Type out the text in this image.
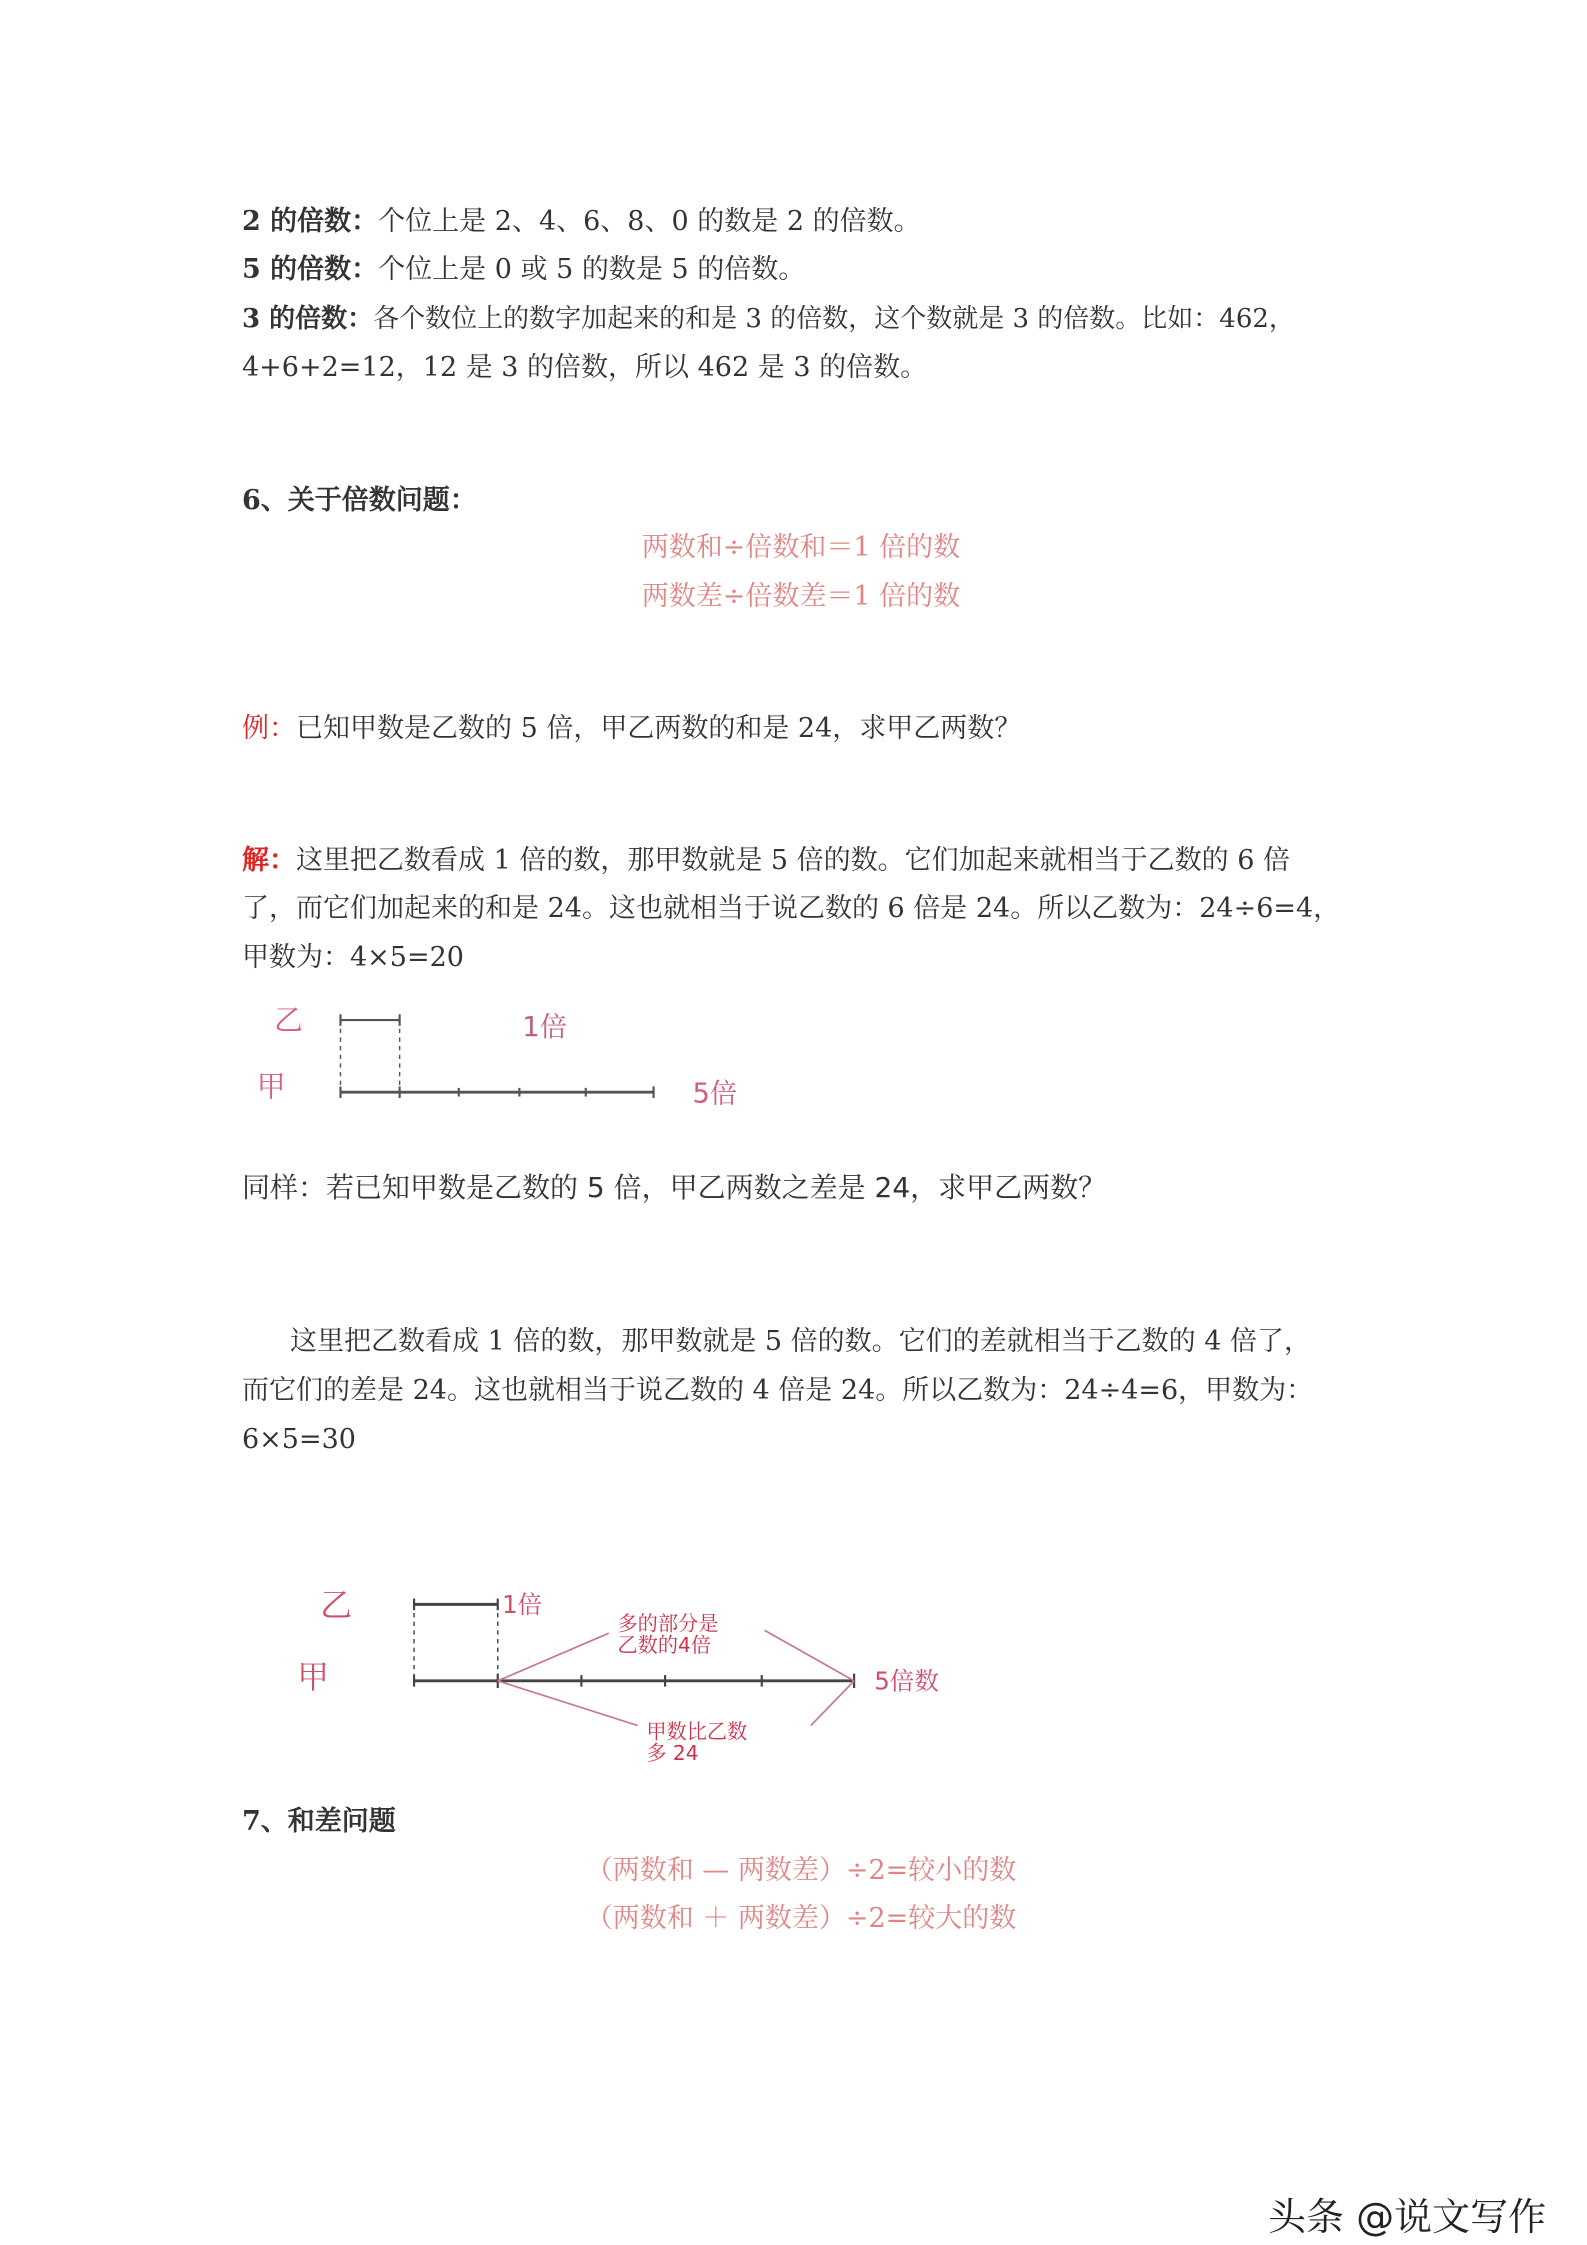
2 的倍数：个位上是 2、4、6、8、0 的数是 2 的倍数。
5 的倍数：个位上是 0 或 5 的数是 5 的倍数。
3 的倍数：各个数位上的数字加起来的和是 3 的倍数，这个数就是 3 的倍数。比如：462，
4+6+2=12，12 是 3 的倍数，所以 462 是 3 的倍数。
6、关于倍数问题：
两数和÷倍数和＝1 倍的数
两数差÷倍数差＝1 倍的数
例：已知甲数是乙数的 5 倍，甲乙两数的和是 24，求甲乙两数？
解：这里把乙数看成 1 倍的数，那甲数就是 5 倍的数。它们加起来就相当于乙数的 6 倍
了，而它们加起来的和是 24。这也就相当于说乙数的 6 倍是 24。所以乙数为：24÷6=4，
甲数为：4×5=20
同样：若已知甲数是乙数的 5 倍，甲乙两数之差是 24，求甲乙两数？
这里把乙数看成 1 倍的数，那甲数就是 5 倍的数。它们的差就相当于乙数的 4 倍了，
而它们的差是 24。这也就相当于说乙数的 4 倍是 24。所以乙数为：24÷4=6，甲数为：
6×5=30
7、和差问题
（两数和 — 两数差）÷2=较小的数
（两数和 ＋ 两数差）÷2=较大的数
乙
甲
1倍
5倍
乙
甲
1倍
多的部分是
乙数的4倍
5倍数
甲数比乙数
多 24
头条 @说文写作
